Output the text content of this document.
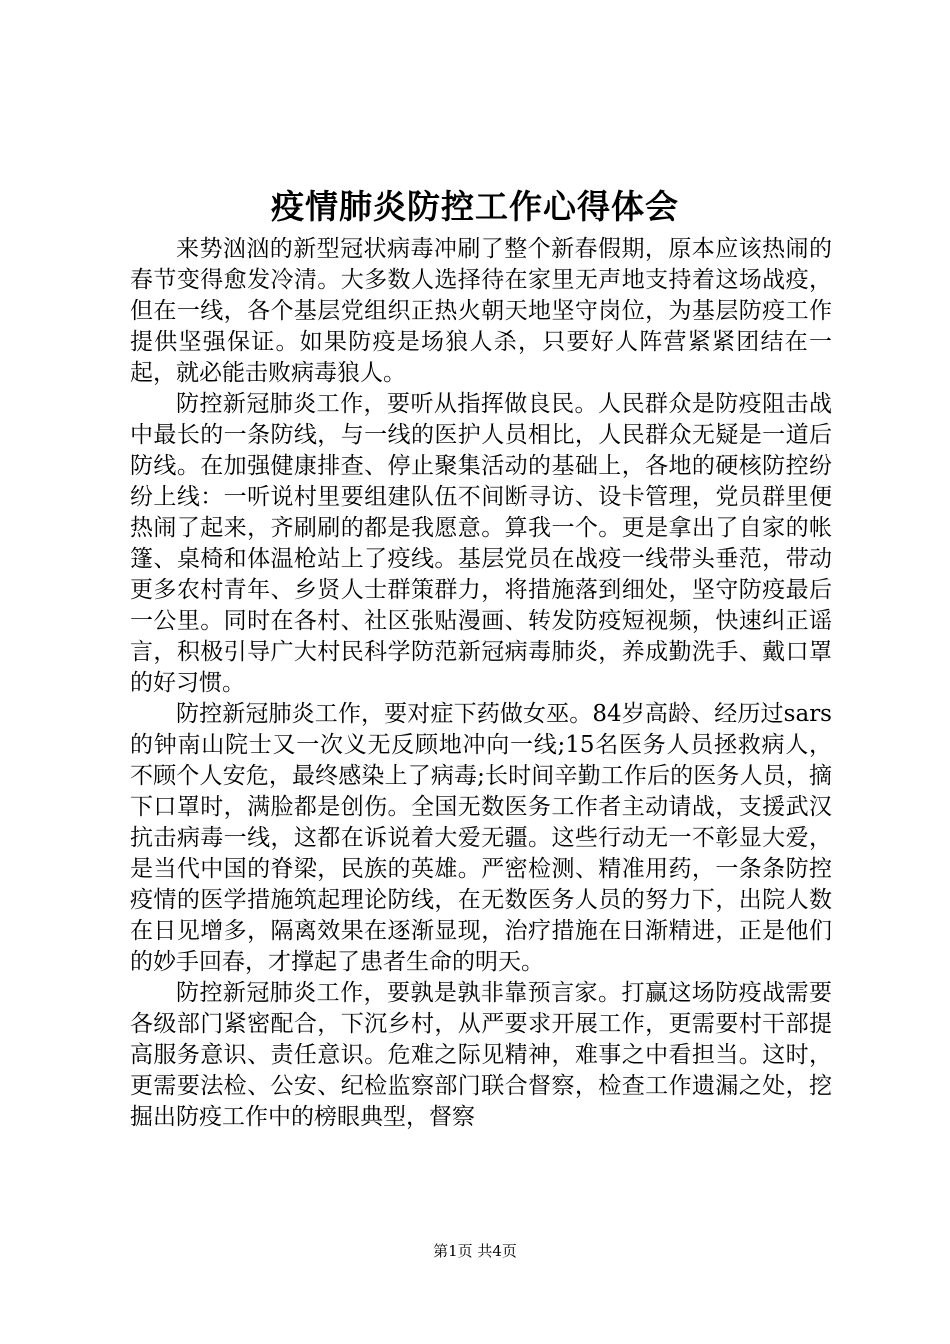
疫情肺炎防控工作心得体会

来势汹汹的新型冠状病毒冲刷了整个新春假期，原本应该热闹的春节变得愈发冷清。大多数人选择待在家里无声地支持着这场战疫，但在一线，各个基层党组织正热火朝天地坚守岗位，为基层防疫工作提供坚强保证。如果防疫是场狼人杀，只要好人阵营紧紧团结在一起，就必能击败病毒狼人。

防控新冠肺炎工作，要听从指挥做良民。人民群众是防疫阻击战中最长的一条防线，与一线的医护人员相比，人民群众无疑是一道后防线。在加强健康排查、停止聚集活动的基础上，各地的硬核防控纷纷上线：一听说村里要组建队伍不间断寻访、设卡管理，党员群里便热闹了起来，齐刷刷的都是我愿意。算我一个。更是拿出了自家的帐篷、桌椅和体温枪站上了疫线。基层党员在战疫一线带头垂范，带动更多农村青年、乡贤人士群策群力，将措施落到细处，坚守防疫最后一公里。同时在各村、社区张贴漫画、转发防疫短视频，快速纠正谣言，积极引导广大村民科学防范新冠病毒肺炎，养成勤洗手、戴口罩的好习惯。

防控新冠肺炎工作，要对症下药做女巫。84岁高龄、经历过sars的钟南山院士又一次义无反顾地冲向一线;15名医务人员拯救病人，不顾个人安危，最终感染上了病毒;长时间辛勤工作后的医务人员，摘下口罩时，满脸都是创伤。全国无数医务工作者主动请战，支援武汉抗击病毒一线，这都在诉说着大爱无疆。这些行动无一不彰显大爱，是当代中国的脊梁，民族的英雄。严密检测、精准用药，一条条防控疫情的医学措施筑起理论防线，在无数医务人员的努力下，出院人数在日见增多，隔离效果在逐渐显现，治疗措施在日渐精进，正是他们的妙手回春，才撑起了患者生命的明天。

防控新冠肺炎工作，要孰是孰非靠预言家。打赢这场防疫战需要各级部门紧密配合，下沉乡村，从严要求开展工作，更需要村干部提高服务意识、责任意识。危难之际见精神，难事之中看担当。这时，更需要法检、公安、纪检监察部门联合督察，检查工作遗漏之处，挖掘出防疫工作中的榜眼典型，督察

第1页 共4页
